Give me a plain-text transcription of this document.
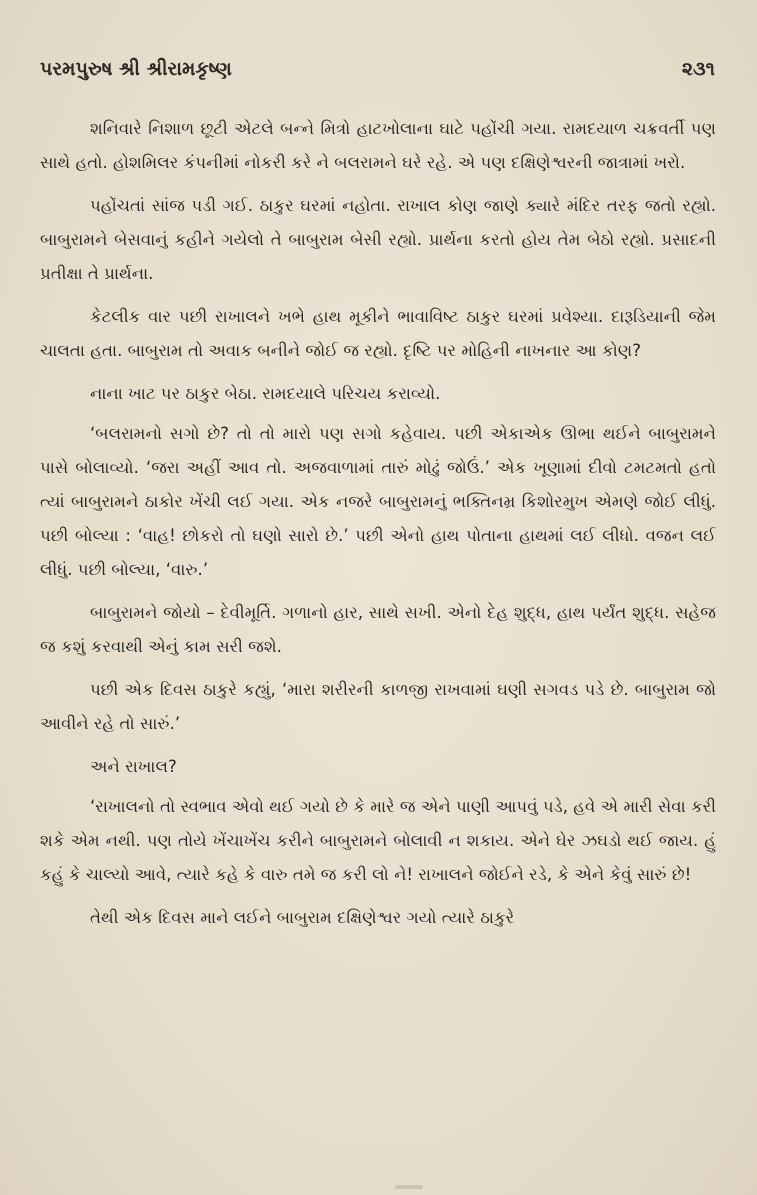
પરમપુરુષ શ્રી શ્રીરામકૃષ્ણ	૨૩૧

શનિવારે નિશાળ છૂટી એટલે બન્ને મિત્રો હાટખોલાના ઘાટે પહોંચી ગયા. રામદયાળ ચક્રવર્તી પણ સાથે હતો. હોશમિલર કંપનીમાં નોકરી કરે ને બલરામને ઘરે રહે. એ પણ દક્ષિણેશ્વરની જાત્રામાં ખરો.

પહોંચતાં સાંજ પડી ગઈ. ઠાકુર ઘરમાં નહોતા. રાખાલ કોણ જાણે ક્યારે મંદિર તરફ જતો રહ્યો. બાબુરામને બેસવાનું કહીને ગયેલો તે બાબુરામ બેસી રહ્યો. પ્રાર્થના કરતો હોય તેમ બેઠો રહ્યો. પ્રસાદની પ્રતીક્ષા તે પ્રાર્થના.

કેટલીક વાર પછી રાખાલને ખભે હાથ મૂકીને ભાવાવિષ્ટ ઠાકુર ઘરમાં પ્રવેશ્યા. દારૂડિયાની જેમ ચાલતા હતા. બાબુરામ તો અવાક બનીને જોઈ જ રહ્યો. દૃષ્ટિ પર મોહિની નાખનાર આ કોણ?

નાના ખાટ પર ઠાકુર બેઠા. રામદયાલે પરિચય કરાવ્યો.

‘બલરામનો સગો છે? તો તો મારો પણ સગો કહેવાય. પછી એકાએક ઊભા થઈને બાબુરામને પાસે બોલાવ્યો. ‘જરા અહીં આવ તો. અજવાળામાં તારું મોઢું જોઉં.’ એક ખૂણામાં દીવો ટમટમતો હતો ત્યાં બાબુરામને ઠાકોર ખેંચી લઈ ગયા. એક નજરે બાબુરામનું ભક્તિનમ્ર કિશોરમુખ એમણે જોઈ લીધું. પછી બોલ્યા : ‘વાહ! છોકરો તો ઘણો સારો છે.’ પછી એનો હાથ પોતાના હાથમાં લઈ લીધો. વજન લઈ લીધું. પછી બોલ્યા, ‘વારુ.’

બાબુરામને જોયો – દેવીમૂર્તિ. ગળાનો હાર, સાથે સખી. એનો દેહ શુદ્ધ, હાથ પર્યંત શુદ્ધ. સહેજ જ કશું કરવાથી એનું કામ સરી જશે.

પછી એક દિવસ ઠાકુરે કહ્યું, ‘મારા શરીરની કાળજી રાખવામાં ઘણી સગવડ પડે છે. બાબુરામ જો આવીને રહે તો સારું.’

અને રાખાલ?

‘રાખાલનો તો સ્વભાવ એવો થઈ ગયો છે કે મારે જ એને પાણી આપવું પડે, હવે એ મારી સેવા કરી શકે એમ નથી. પણ તોયે ખેંચાખેંચ કરીને બાબુરામને બોલાવી ન શકાય. એને ઘેર ઝઘડો થઈ જાય. હું કહું કે ચાલ્યો આવે, ત્યારે કહે કે વારુ તમે જ કરી લો ને! રાખાલને જોઈને રડે, કે એને કેવું સારું છે!

તેથી એક દિવસ માને લઈને બાબુરામ દક્ષિણેશ્વર ગયો ત્યારે ઠાકુરે
